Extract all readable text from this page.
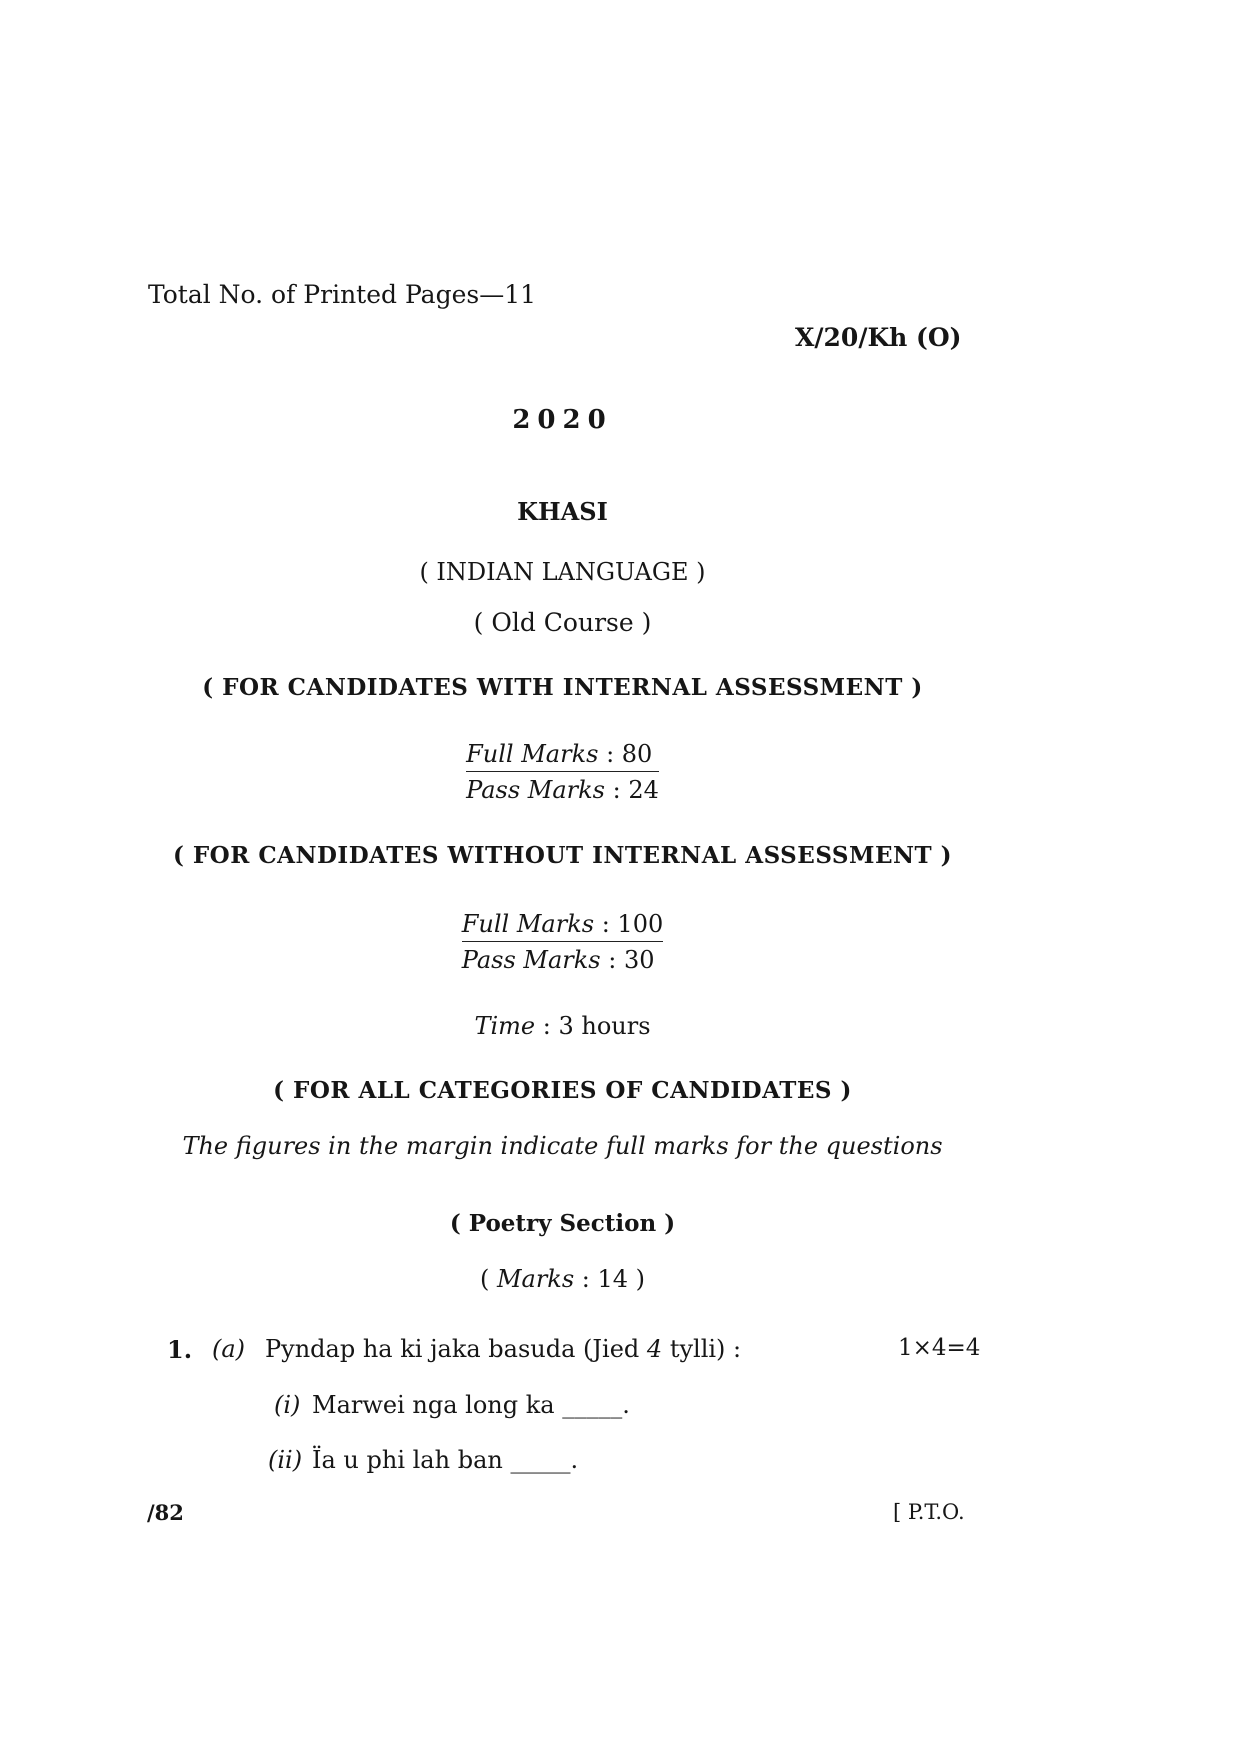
Total No. of Printed Pages—11
X/20/Kh (O)
2020
KHASI
( INDIAN LANGUAGE )
( Old Course )
( FOR CANDIDATES WITH INTERNAL ASSESSMENT )
Full Marks : 80
Pass Marks : 24
( FOR CANDIDATES WITHOUT INTERNAL ASSESSMENT )
Full Marks : 100
Pass Marks : 30
Time : 3 hours
( FOR ALL CATEGORIES OF CANDIDATES )
The figures in the margin indicate full marks for the questions
( Poetry Section )
( Marks : 14 )
1. (a) Pyndap ha ki jaka basuda (Jied 4 tylli) :	1×4=4
(i) Marwei nga long ka _____.
(ii) Ïa u phi lah ban _____.
/82	[ P.T.O.
